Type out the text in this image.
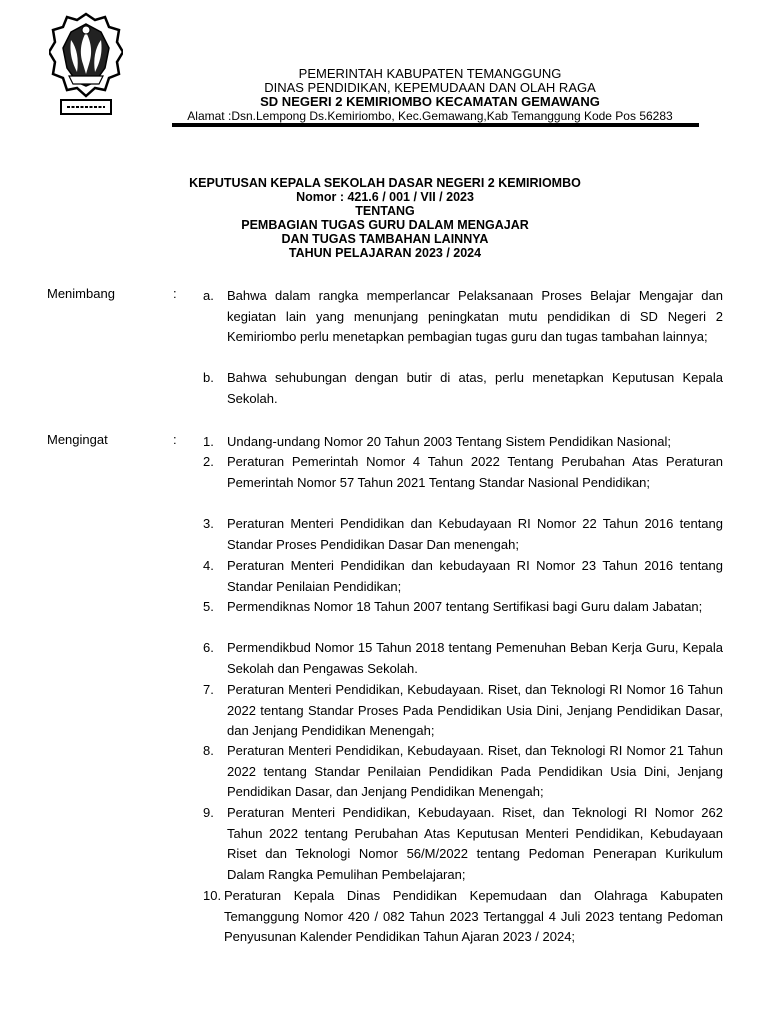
PEMERINTAH KABUPATEN TEMANGGUNG
DINAS PENDIDIKAN, KEPEMUDAAN DAN OLAH RAGA
SD NEGERI 2 KEMIRIOMBO KECAMATAN GEMAWANG
Alamat :Dsn.Lempong Ds.Kemiriombo, Kec.Gemawang,Kab Temanggung Kode Pos 56283
KEPUTUSAN KEPALA SEKOLAH DASAR NEGERI 2 KEMIRIOMBO
Nomor : 421.6 / 001 / VII / 2023
TENTANG
PEMBAGIAN TUGAS GURU DALAM MENGAJAR
DAN TUGAS TAMBAHAN LAINNYA
TAHUN PELAJARAN 2023 / 2024
Menimbang	: a. Bahwa dalam rangka memperlancar Pelaksanaan Proses Belajar Mengajar dan kegiatan lain yang menunjang peningkatan mutu pendidikan di SD Negeri 2 Kemiriombo perlu menetapkan pembagian tugas guru dan tugas tambahan lainnya;
b. Bahwa sehubungan dengan butir di atas, perlu menetapkan Keputusan Kepala Sekolah.
Mengingat	: 1. Undang-undang Nomor 20 Tahun 2003 Tentang Sistem Pendidikan Nasional;
2. Peraturan Pemerintah Nomor 4 Tahun 2022 Tentang Perubahan Atas Peraturan Pemerintah Nomor 57 Tahun 2021 Tentang Standar Nasional Pendidikan;
3. Peraturan Menteri Pendidikan dan Kebudayaan RI Nomor 22 Tahun 2016 tentang Standar Proses Pendidikan Dasar Dan menengah;
4. Peraturan Menteri Pendidikan dan kebudayaan RI Nomor 23 Tahun 2016 tentang Standar Penilaian Pendidikan;
5. Permendiknas Nomor 18 Tahun 2007 tentang Sertifikasi bagi Guru dalam Jabatan;
6. Permendikbud Nomor 15 Tahun 2018 tentang Pemenuhan Beban Kerja Guru, Kepala Sekolah dan Pengawas Sekolah.
7. Peraturan Menteri Pendidikan, Kebudayaan. Riset, dan Teknologi RI Nomor 16 Tahun 2022 tentang Standar Proses Pada Pendidikan Usia Dini, Jenjang Pendidikan Dasar, dan Jenjang Pendidikan Menengah;
8. Peraturan Menteri Pendidikan, Kebudayaan. Riset, dan Teknologi RI Nomor 21 Tahun 2022 tentang Standar Penilaian Pendidikan Pada Pendidikan Usia Dini, Jenjang Pendidikan Dasar, dan Jenjang Pendidikan Menengah;
9. Peraturan Menteri Pendidikan, Kebudayaan. Riset, dan Teknologi RI Nomor 262 Tahun 2022 tentang Perubahan Atas Keputusan Menteri Pendidikan, Kebudayaan Riset dan Teknologi Nomor 56/M/2022 tentang Pedoman Penerapan Kurikulum Dalam Rangka Pemulihan Pembelajaran;
10. Peraturan Kepala Dinas Pendidikan Kepemudaan dan Olahraga Kabupaten Temanggung Nomor 420 / 082 Tahun 2023 Tertanggal 4 Juli 2023 tentang Pedoman Penyusunan Kalender Pendidikan Tahun Ajaran 2023 / 2024;
